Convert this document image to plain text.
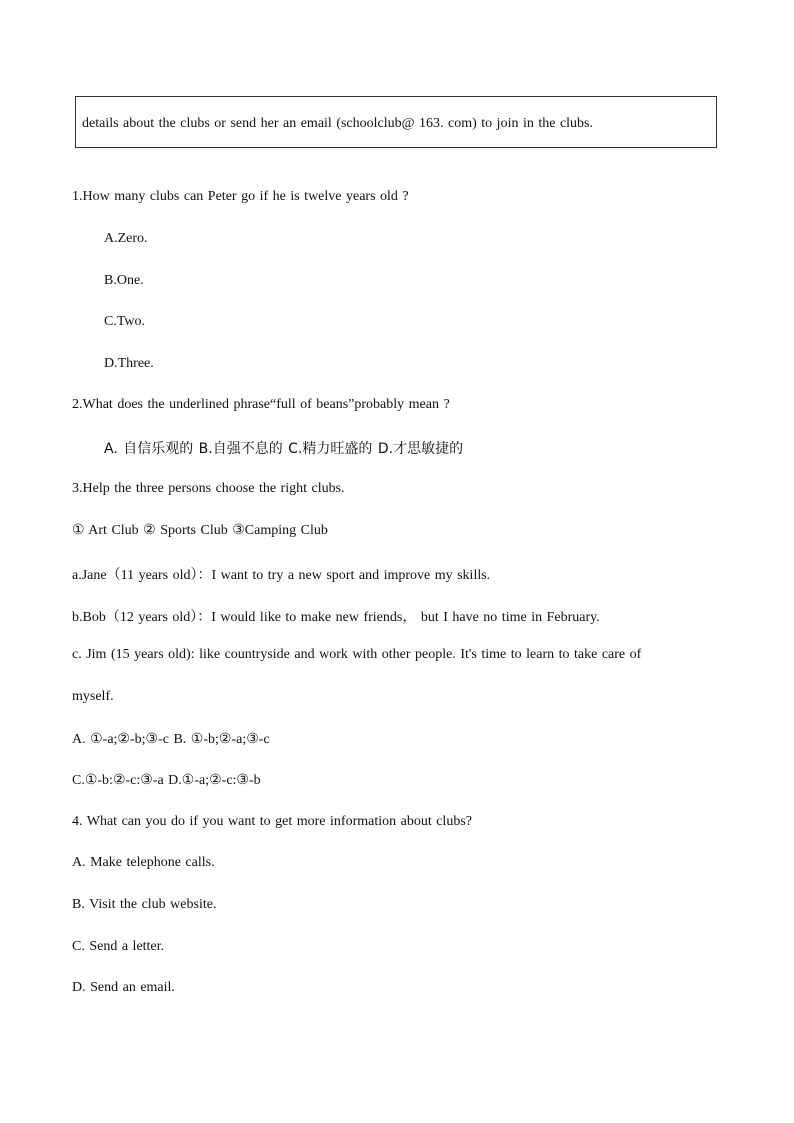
details about the clubs or send her an email (schoolclub@ 163. com) to join in the clubs.
1.How many clubs can Peter go if he is twelve years old ?
A.Zero.
B.One.
C.Two.
D.Three.
2.What does the underlined phrase“full of beans”probably mean ?
A. 自信乐观的 B.自强不息的 C.精力旺盛的 D.才思敏捷的
3.Help the three persons choose the right clubs.
① Art Club ② Sports Club ③Camping Club
a.Jane（11 years old）：I want to try a new sport and improve my skills.
b.Bob（12 years old）：I would like to make new friends， but I have no time in February.
c. Jim (15 years old): like countryside and work with other people. It's time to learn to take care of
myself.
A. ①-a;②-b;③-c B. ①-b;②-a;③-c
C.①-b:②-c:③-a D.①-a;②-c:③-b
4. What can you do if you want to get more information about clubs?
A. Make telephone calls.
B. Visit the club website.
C. Send a letter.
D. Send an email.
